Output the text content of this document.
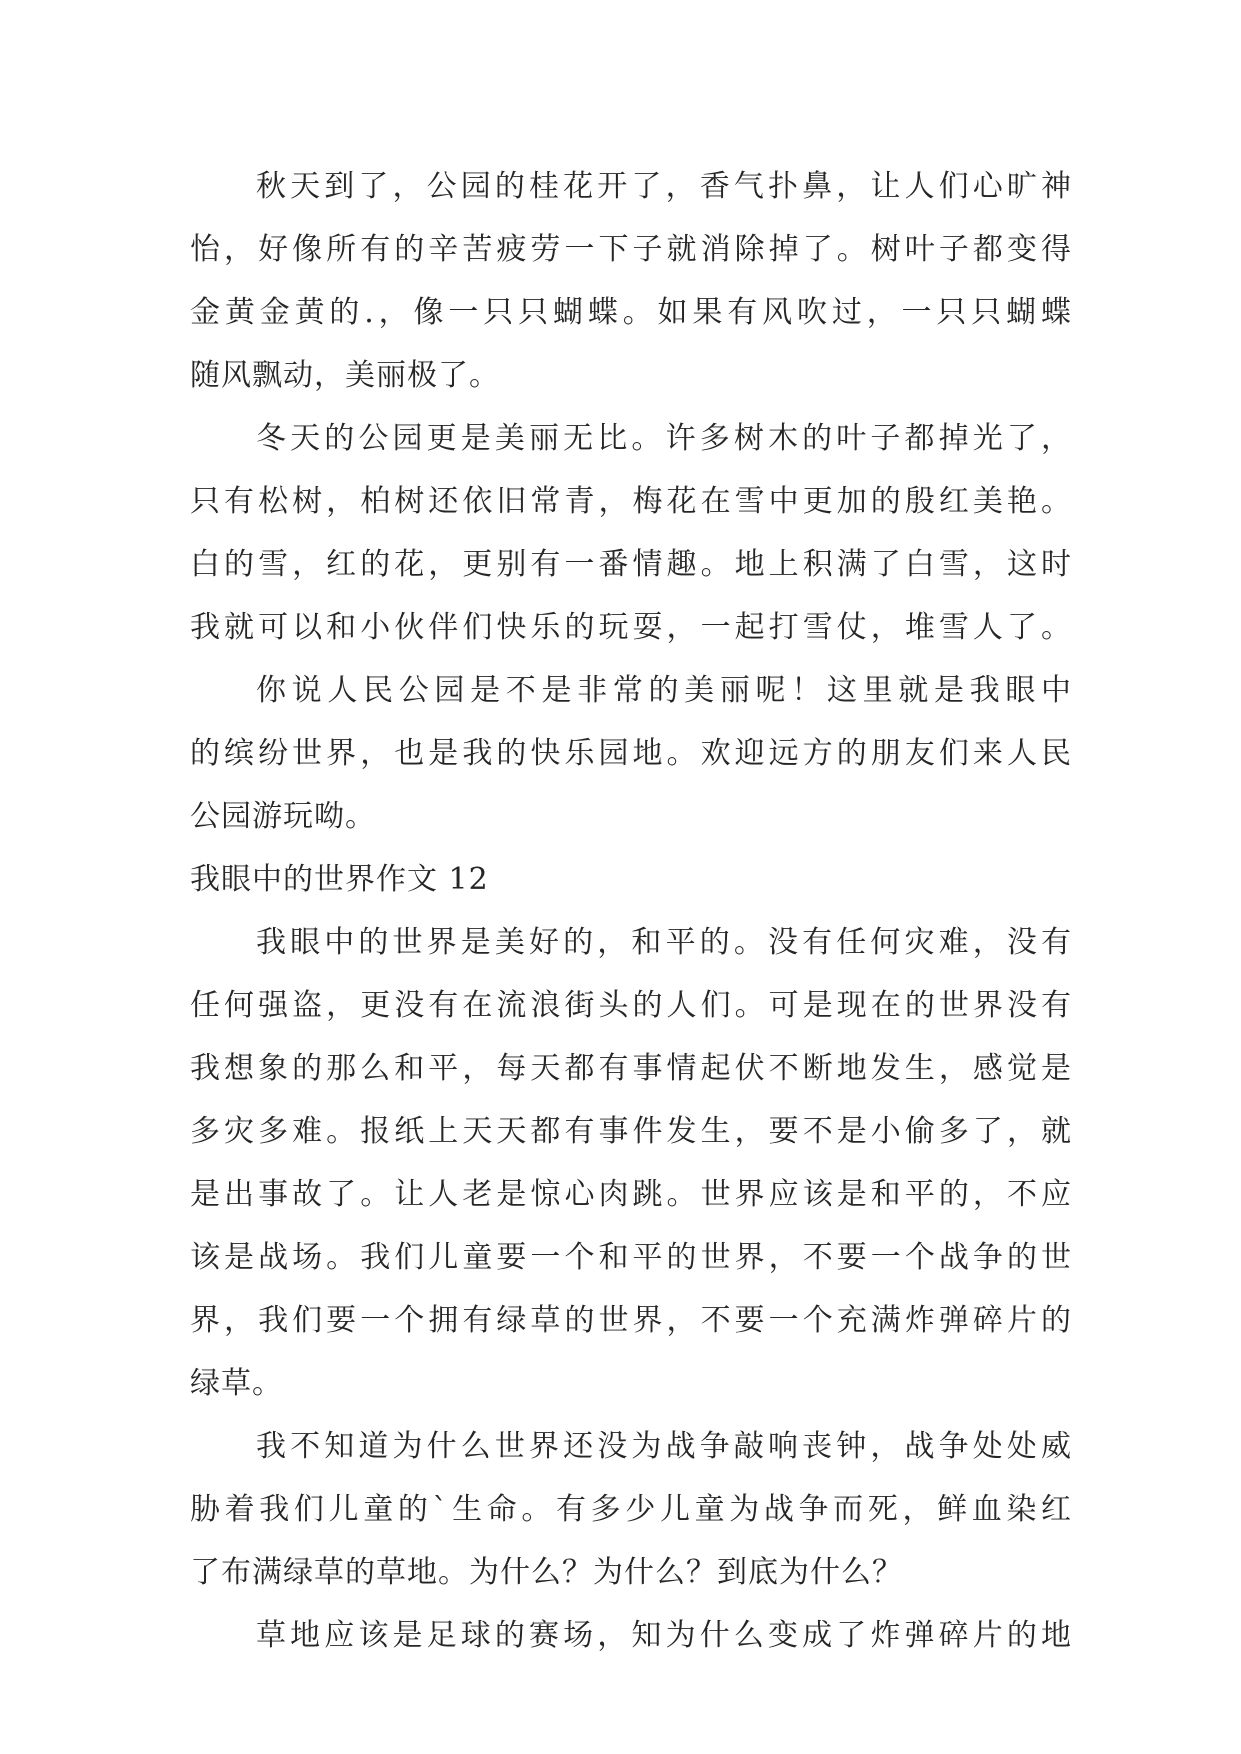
秋天到了，公园的桂花开了，香气扑鼻，让人们心旷神
怡，好像所有的辛苦疲劳一下子就消除掉了。树叶子都变得
金黄金黄的.，像一只只蝴蝶。如果有风吹过，一只只蝴蝶
随风飘动，美丽极了。
冬天的公园更是美丽无比。许多树木的叶子都掉光了，
只有松树，柏树还依旧常青，梅花在雪中更加的殷红美艳。
白的雪，红的花，更别有一番情趣。地上积满了白雪，这时
我就可以和小伙伴们快乐的玩耍，一起打雪仗，堆雪人了。
你说人民公园是不是非常的美丽呢！这里就是我眼中
的缤纷世界，也是我的快乐园地。欢迎远方的朋友们来人民
公园游玩呦。
我眼中的世界作文 12
我眼中的世界是美好的，和平的。没有任何灾难，没有
任何强盗，更没有在流浪街头的人们。可是现在的世界没有
我想象的那么和平，每天都有事情起伏不断地发生，感觉是
多灾多难。报纸上天天都有事件发生，要不是小偷多了，就
是出事故了。让人老是惊心肉跳。世界应该是和平的，不应
该是战场。我们儿童要一个和平的世界，不要一个战争的世
界，我们要一个拥有绿草的世界，不要一个充满炸弹碎片的
绿草。
我不知道为什么世界还没为战争敲响丧钟，战争处处威
胁着我们儿童的`生命。有多少儿童为战争而死，鲜血染红
了布满绿草的草地。为什么？为什么？到底为什么？
草地应该是足球的赛场，知为什么变成了炸弹碎片的地
